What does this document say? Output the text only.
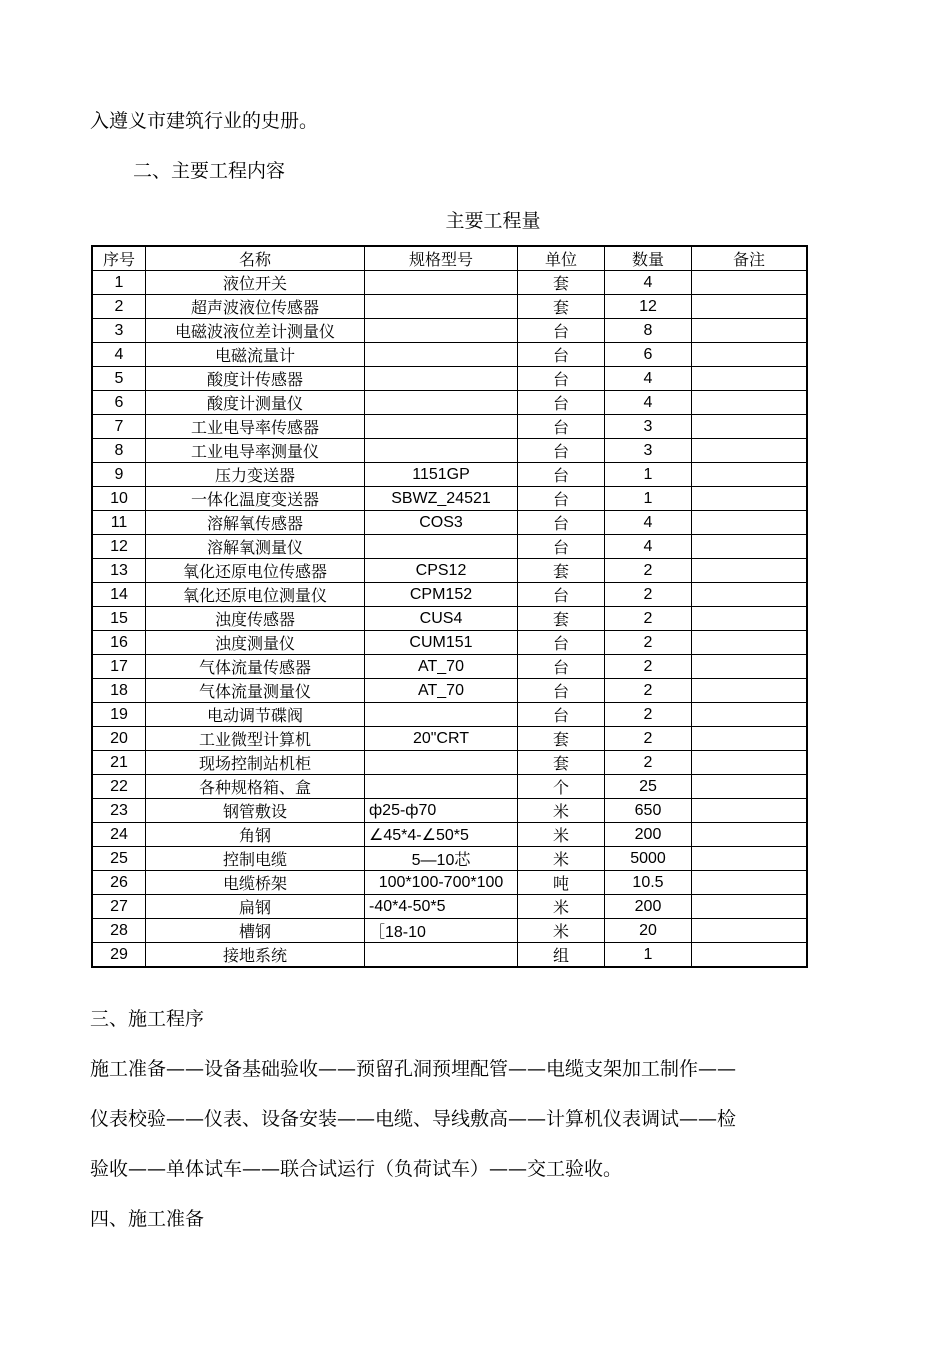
入遵义市建筑行业的史册。
二、主要工程内容
主要工程量
序号	名称	规格型号	单位	数量	备注
1	液位开关		套	4	
2	超声波液位传感器		套	12	
3	电磁波液位差计测量仪		台	8	
4	电磁流量计		台	6	
5	酸度计传感器		台	4	
6	酸度计测量仪		台	4	
7	工业电导率传感器		台	3	
8	工业电导率测量仪		台	3	
9	压力变送器	1151GP	台	1	
10	一体化温度变送器	SBWZ_24521	台	1	
11	溶解氧传感器	COS3	台	4	
12	溶解氧测量仪		台	4	
13	氧化还原电位传感器	CPS12	套	2	
14	氧化还原电位测量仪	CPM152	台	2	
15	浊度传感器	CUS4	套	2	
16	浊度测量仪	CUM151	台	2	
17	气体流量传感器	AT_70	台	2	
18	气体流量测量仪	AT_70	台	2	
19	电动调节碟阀		台	2	
20	工业微型计算机	20"CRT	套	2	
21	现场控制站机柜		套	2	
22	各种规格箱、盒		个	25	
23	钢管敷设	ф25-ф70	米	650	
24	角钢	∠45*4-∠50*5	米	200	
25	控制电缆	5—10芯	米	5000	
26	电缆桥架	100*100-700*100	吨	10.5	
27	扁钢	-40*4-50*5	米	200	
28	槽钢	［18-10	米	20	
29	接地系统		组	1	
三、施工程序
施工准备——设备基础验收——预留孔洞预埋配管——电缆支架加工制作——
仪表校验——仪表、设备安装——电缆、导线敷高——计算机仪表调试——检
验收——单体试车——联合试运行（负荷试车）——交工验收。
四、施工准备
